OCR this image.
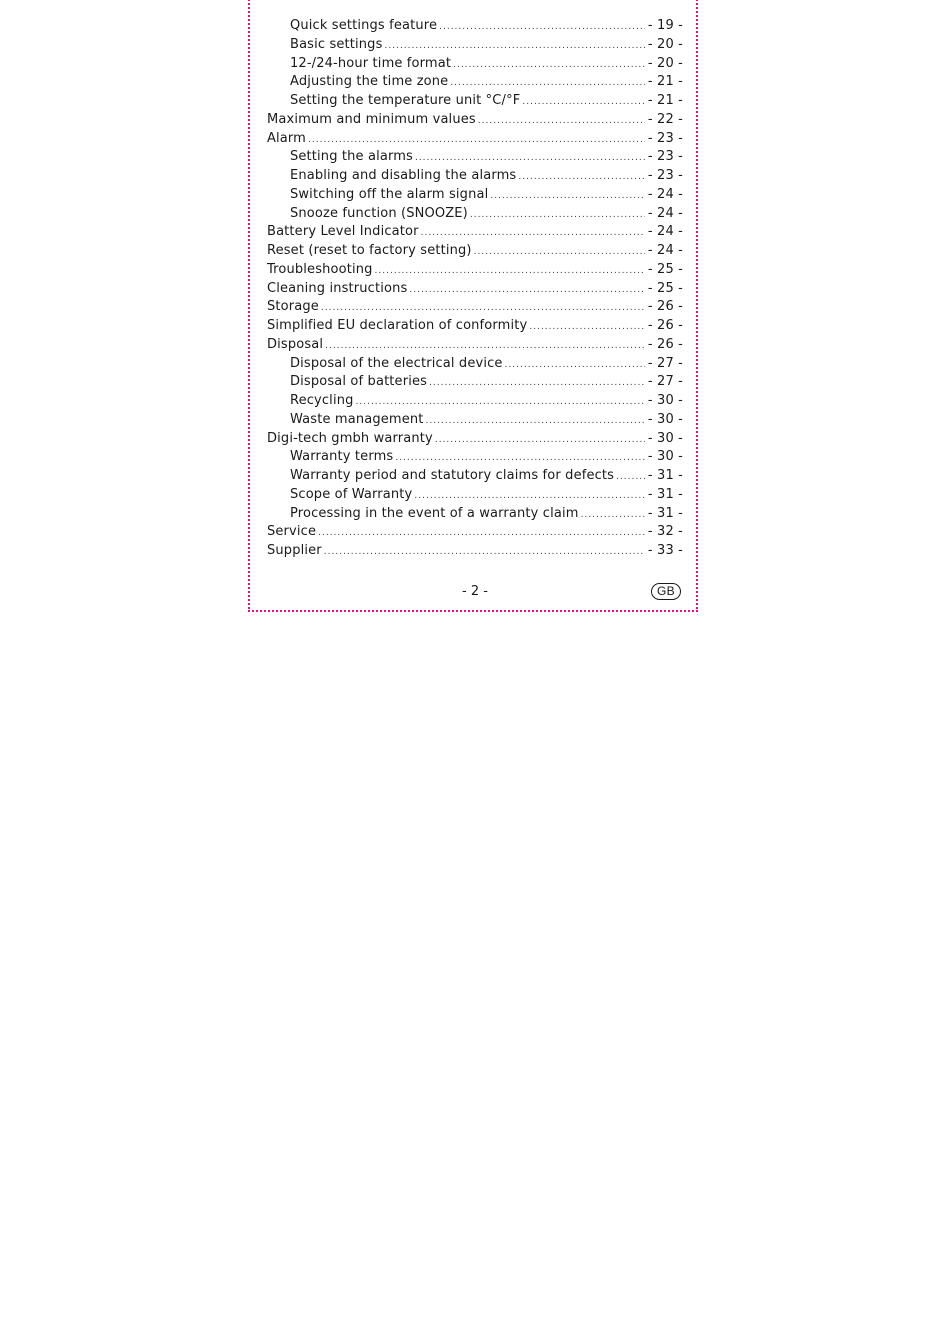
Quick settings feature .....	- 19 -
Basic settings .....	- 20 -
12-/24-hour time format .....	- 20 -
Adjusting the time zone .....	- 21 -
Setting the temperature unit °C/°F .....	- 21 -
Maximum and minimum values .....	- 22 -
Alarm .....	- 23 -
Setting the alarms .....	- 23 -
Enabling and disabling the alarms .....	- 23 -
Switching off the alarm signal .....	- 24 -
Snooze function (SNOOZE) .....	- 24 -
Battery Level Indicator .....	- 24 -
Reset (reset to factory setting) .....	- 24 -
Troubleshooting .....	- 25 -
Cleaning instructions .....	- 25 -
Storage .....	- 26 -
Simplified EU declaration of conformity .....	- 26 -
Disposal .....	- 26 -
Disposal of the electrical device .....	- 27 -
Disposal of batteries .....	- 27 -
Recycling .....	- 30 -
Waste management .....	- 30 -
Digi-tech gmbh warranty .....	- 30 -
Warranty terms .....	- 30 -
Warranty period and statutory claims for defects .....	- 31 -
Scope of Warranty .....	- 31 -
Processing in the event of a warranty claim .....	- 31 -
Service .....	- 32 -
Supplier .....	- 33 -
- 2 -	GB
